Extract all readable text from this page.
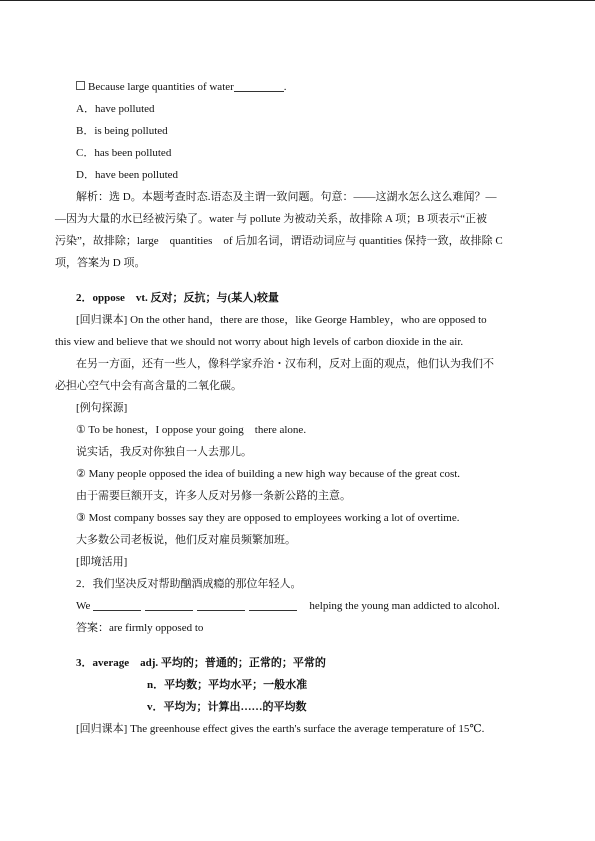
Because large quantities of water	.
A．have polluted
B．is being polluted
C．has been polluted
D．have been polluted
解析：选 D。本题考查时态.语态及主谓一致问题。句意：——这湖水怎么这么难闻？—
—因为大量的水已经被污染了。water 与 pollute 为被动关系，故排除 A 项；B 项表示“正被
污染”，故排除；large　quantities　of 后加名词，谓语动词应与 quantities 保持一致，故排除 C
项，答案为 D 项。
2．oppose　vt. 反对；反抗；与(某人)较量
[回归课本] On the other hand，there are those，like George Hambley，who are opposed to
this view and believe that we should not worry about high levels of carbon dioxide in the air.
在另一方面，还有一些人，像科学家乔治・汉布利，反对上面的观点，他们认为我们不
必担心空气中会有高含量的二氧化碳。
[例句探源]
① To be honest，I oppose your going　there alone.
说实话，我反对你独自一人去那儿。
② Many people opposed the idea of building a new high way because of the great cost.
由于需要巨额开支，许多人反对另修一条新公路的主意。
③ Most company bosses say they are opposed to employees working a lot of overtime.
大多数公司老板说，他们反对雇员频繁加班。
[即境活用]
2．我们坚决反对帮助酗酒成瘾的那位年轻人。
We	helping the young man addicted to alcohol.
答案：are firmly opposed to
3．average　adj. 平均的；普通的；正常的；平常的
n．平均数；平均水平；一般水准
v．平均为；计算出……的平均数
[回归课本] The greenhouse effect gives the earth's surface the average temperature of 15℃.
